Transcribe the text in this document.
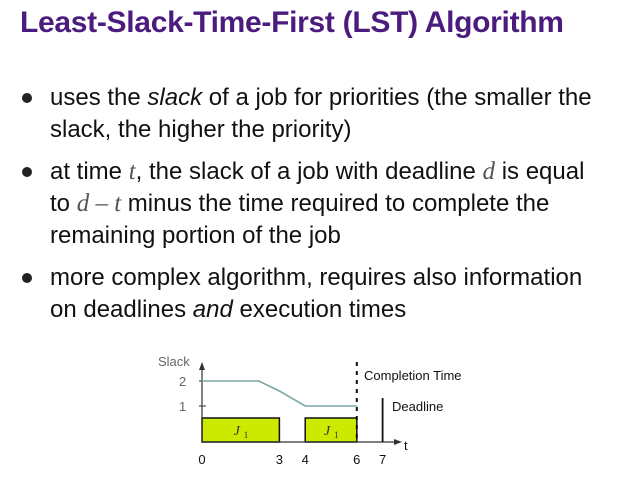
Least-Slack-Time-First (LST) Algorithm
uses the slack of a job for priorities (the smaller the
slack, the higher the priority)
at time t, the slack of a job with deadline d is equal
to d – t minus the time required to complete the
remaining portion of the job
more complex algorithm, requires also information
on deadlines and execution times
J 1	J 1
Slack
1
2
t
0	3 4	6 7
Completion Time
Deadline
